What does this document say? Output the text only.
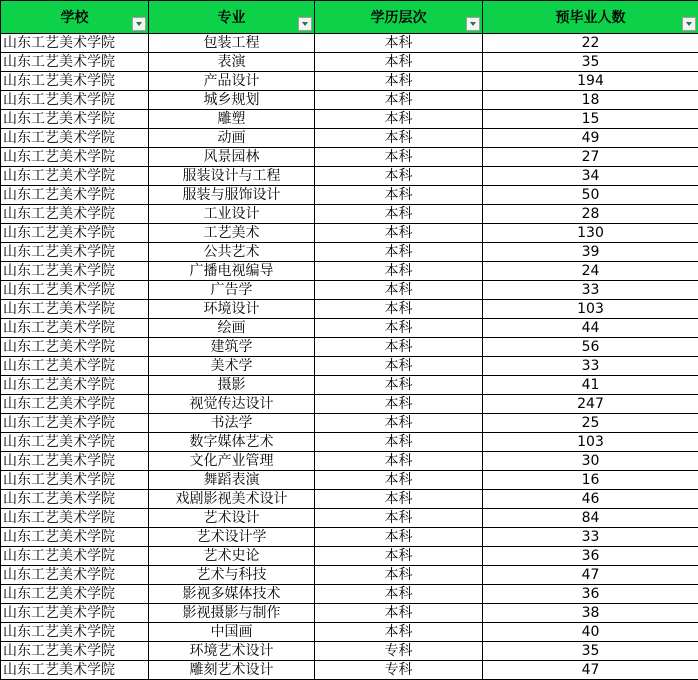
学校	专业	学历层次	预毕业人数

山东工艺美术学院	包装工程	本科	22
山东工艺美术学院	表演	本科	35
山东工艺美术学院	产品设计	本科	194
山东工艺美术学院	城乡规划	本科	18
山东工艺美术学院	雕塑	本科	15
山东工艺美术学院	动画	本科	49
山东工艺美术学院	风景园林	本科	27
山东工艺美术学院	服装设计与工程	本科	34
山东工艺美术学院	服装与服饰设计	本科	50
山东工艺美术学院	工业设计	本科	28
山东工艺美术学院	工艺美术	本科	130
山东工艺美术学院	公共艺术	本科	39
山东工艺美术学院	广播电视编导	本科	24
山东工艺美术学院	广告学	本科	33
山东工艺美术学院	环境设计	本科	103
山东工艺美术学院	绘画	本科	44
山东工艺美术学院	建筑学	本科	56
山东工艺美术学院	美术学	本科	33
山东工艺美术学院	摄影	本科	41
山东工艺美术学院	视觉传达设计	本科	247
山东工艺美术学院	书法学	本科	25
山东工艺美术学院	数字媒体艺术	本科	103
山东工艺美术学院	文化产业管理	本科	30
山东工艺美术学院	舞蹈表演	本科	16
山东工艺美术学院	戏剧影视美术设计	本科	46
山东工艺美术学院	艺术设计	本科	84
山东工艺美术学院	艺术设计学	本科	33
山东工艺美术学院	艺术史论	本科	36
山东工艺美术学院	艺术与科技	本科	47
山东工艺美术学院	影视多媒体技术	本科	36
山东工艺美术学院	影视摄影与制作	本科	38
山东工艺美术学院	中国画	本科	40
山东工艺美术学院	环境艺术设计	专科	35
山东工艺美术学院	雕刻艺术设计	专科	47
